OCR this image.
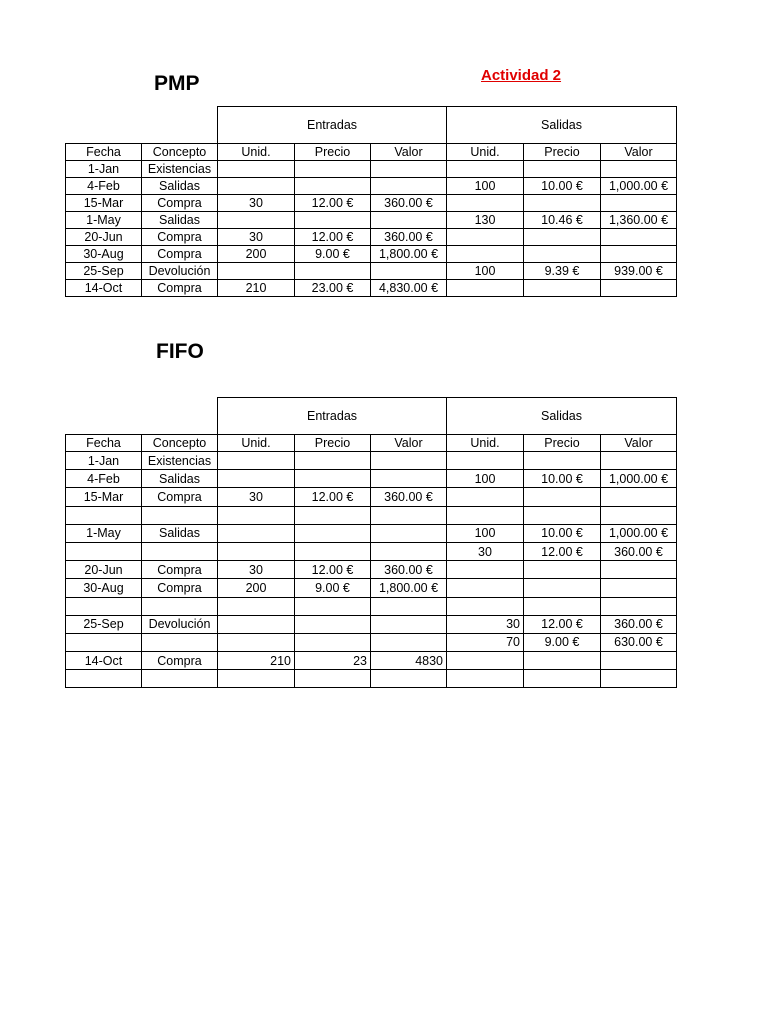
PMP	Actividad 2
		Entradas			Salidas		
Fecha	Concepto	Unid.	Precio	Valor	Unid.	Precio	Valor
1-Jan	Existencias						
4-Feb	Salidas				100	10.00 €	1,000.00 €
15-Mar	Compra	30	12.00 €	360.00 €			
1-May	Salidas				130	10.46 €	1,360.00 €
20-Jun	Compra	30	12.00 €	360.00 €			
30-Aug	Compra	200	9.00 €	1,800.00 €			
25-Sep	Devolución				100	9.39 €	939.00 €
14-Oct	Compra	210	23.00 €	4,830.00 €			
FIFO
		Entradas			Salidas		
Fecha	Concepto	Unid.	Precio	Valor	Unid.	Precio	Valor
1-Jan	Existencias						
4-Feb	Salidas				100	10.00 €	1,000.00 €
15-Mar	Compra	30	12.00 €	360.00 €			

1-May	Salidas				100	10.00 €	1,000.00 €
					30	12.00 €	360.00 €
20-Jun	Compra	30	12.00 €	360.00 €			
30-Aug	Compra	200	9.00 €	1,800.00 €			

25-Sep	Devolución				30	12.00 €	360.00 €
					70	9.00 €	630.00 €
14-Oct	Compra	210	23	4830			
